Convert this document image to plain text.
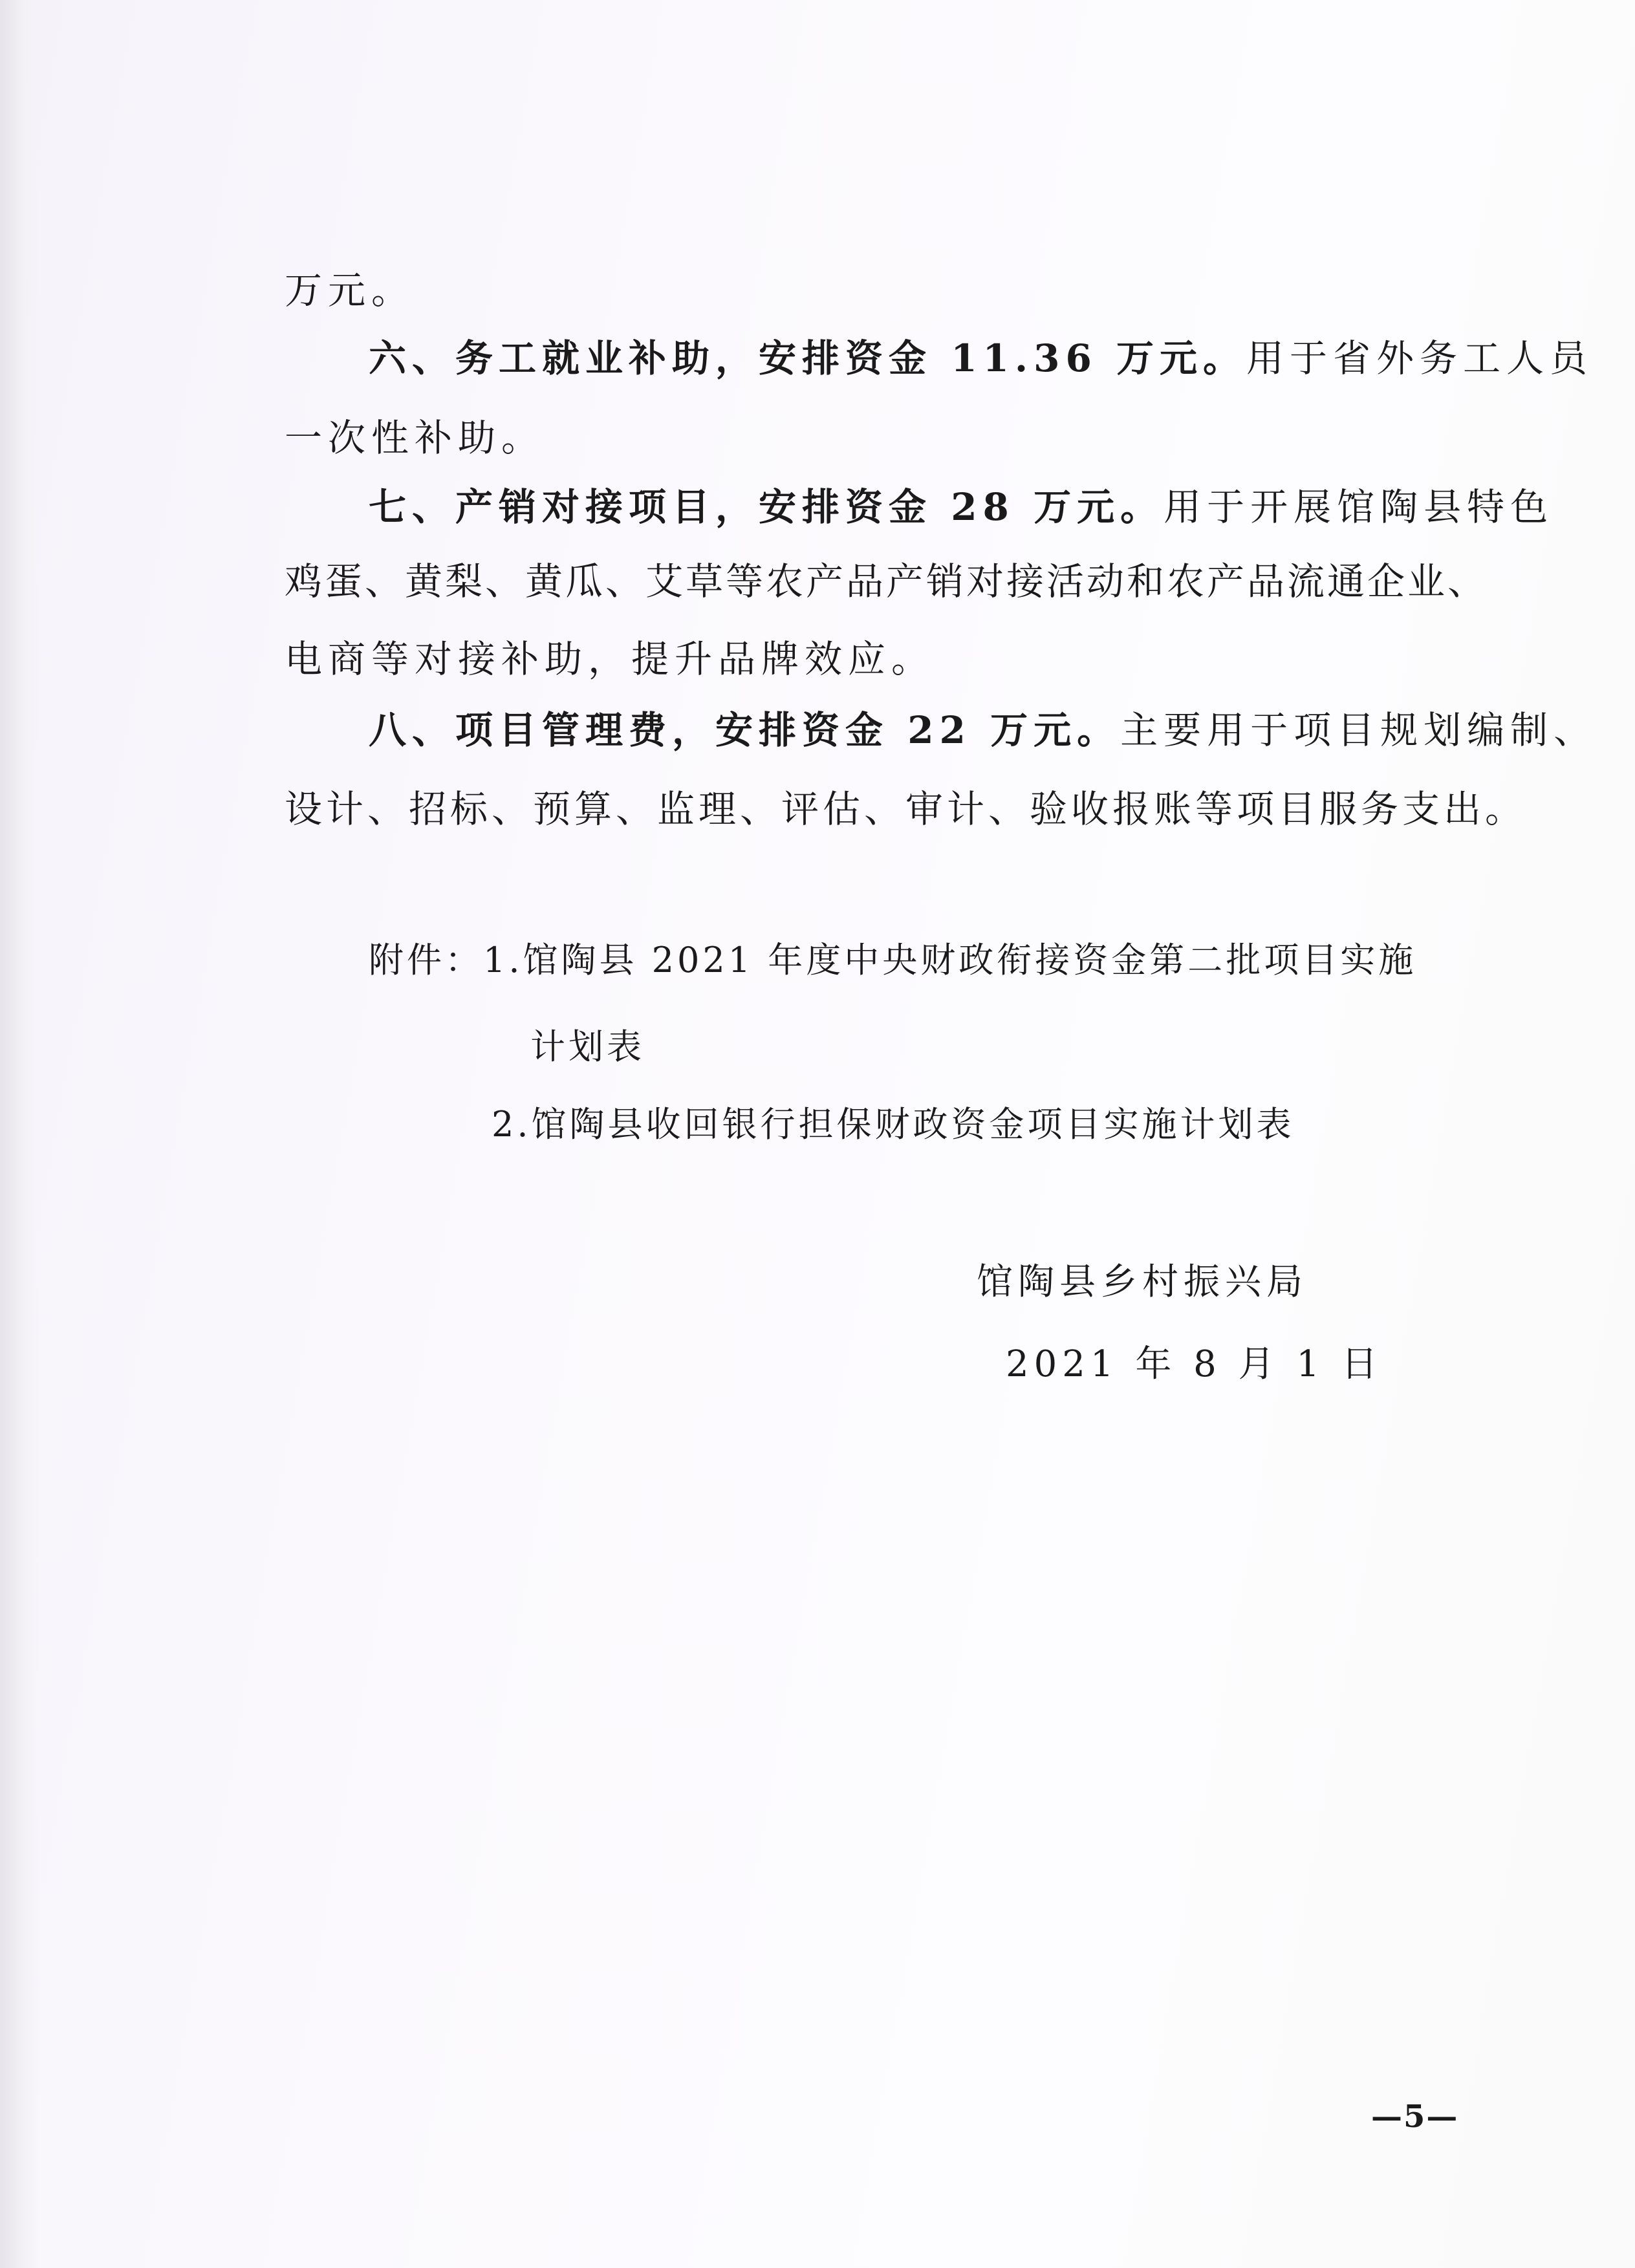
万元。
六、务工就业补助，安排资金 11.36 万元。用于省外务工人员
一次性补助。
七、产销对接项目，安排资金 28 万元。用于开展馆陶县特色
鸡蛋、黄梨、黄瓜、艾草等农产品产销对接活动和农产品流通企业、
电商等对接补助，提升品牌效应。
八、项目管理费，安排资金 22 万元。主要用于项目规划编制、
设计、招标、预算、监理、评估、审计、验收报账等项目服务支出。
附件：1.馆陶县 2021 年度中央财政衔接资金第二批项目实施
计划表
2.馆陶县收回银行担保财政资金项目实施计划表
馆陶县乡村振兴局
2021 年 8 月 1 日
—5—
